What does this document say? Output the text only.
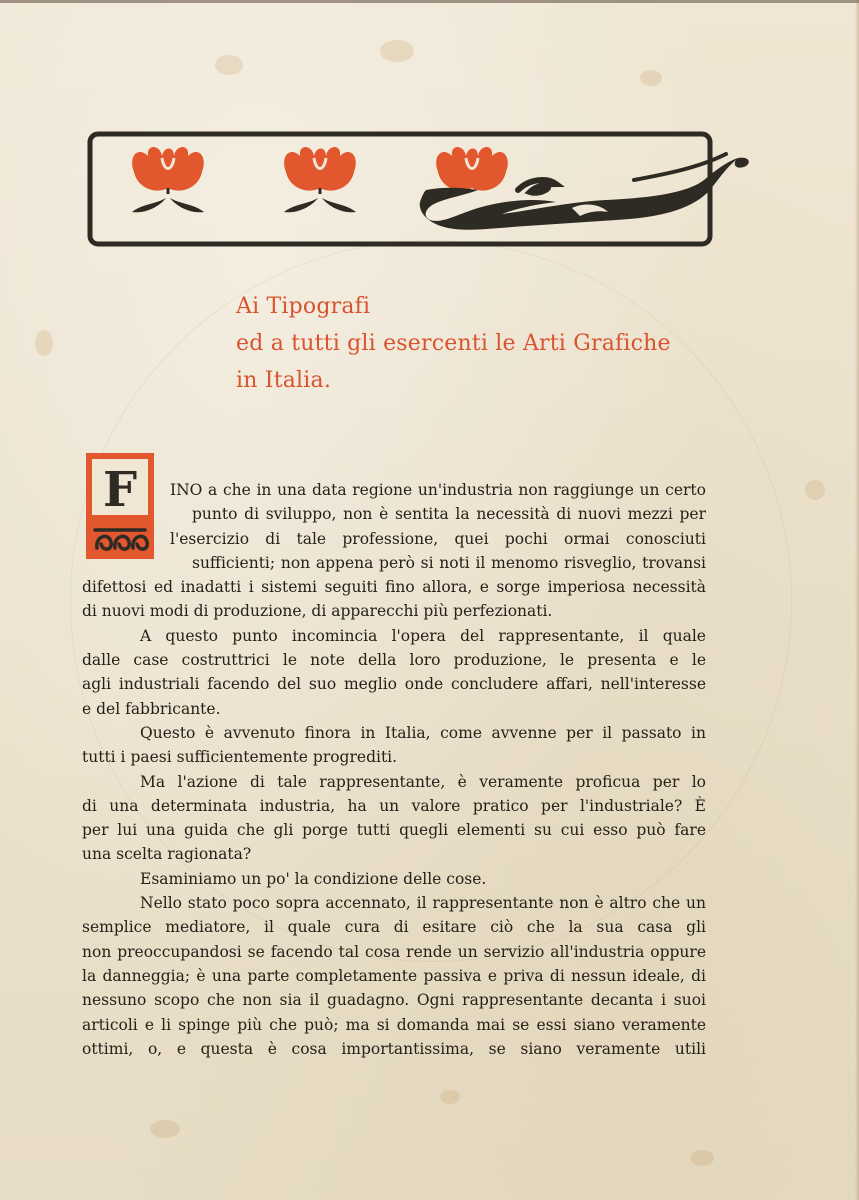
Ai Tipografi
ed a tutti gli esercenti le Arti Grafiche
in Italia.
F	INO a che in una data regione un'industria non raggiunge un certo
punto di sviluppo, non è sentita la necessità di nuovi mezzi per
l'esercizio di tale professione, quei pochi ormai conosciuti
sufficienti; non appena però si noti il menomo risveglio, trovansi
difettosi ed inadatti i sistemi seguiti fino allora, e sorge imperiosa necessità
di nuovi modi di produzione, di apparecchi più perfezionati.
A questo punto incomincia l'opera del rappresentante, il quale
dalle case costruttrici le note della loro produzione, le presenta e le
agli industriali facendo del suo meglio onde concludere affari, nell'interesse
e del fabbricante.
Questo è avvenuto finora in Italia, come avvenne per il passato in
tutti i paesi sufficientemente progrediti.
Ma l'azione di tale rappresentante, è veramente proficua per lo
di una determinata industria, ha un valore pratico per l'industriale? È
per lui una guida che gli porge tutti quegli elementi su cui esso può fare
una scelta ragionata?
Esaminiamo un po' la condizione delle cose.
Nello stato poco sopra accennato, il rappresentante non è altro che un
semplice mediatore, il quale cura di esitare ciò che la sua casa gli
non preoccupandosi se facendo tal cosa rende un servizio all'industria oppure
la danneggia; è una parte completamente passiva e priva di nessun ideale, di
nessuno scopo che non sia il guadagno. Ogni rappresentante decanta i suoi
articoli e li spinge più che può; ma si domanda mai se essi siano veramente
ottimi, o, e questa è cosa importantissima, se siano veramente utili
